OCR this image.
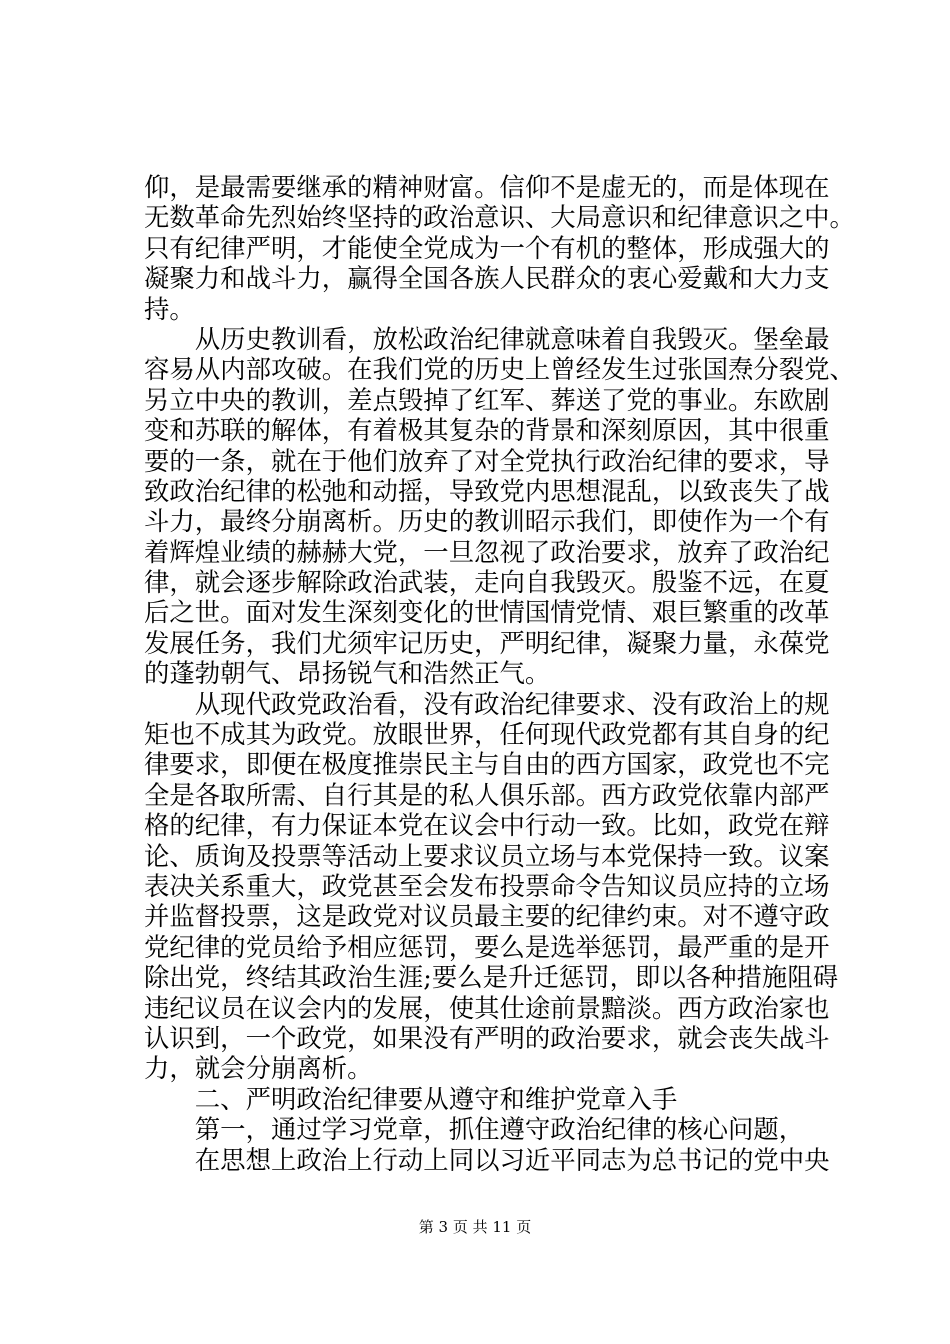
仰，是最需要继承的精神财富。信仰不是虚无的，而是体现在
无数革命先烈始终坚持的政治意识、大局意识和纪律意识之中。
只有纪律严明，才能使全党成为一个有机的整体，形成强大的
凝聚力和战斗力，赢得全国各族人民群众的衷心爱戴和大力支
持。
　　从历史教训看，放松政治纪律就意味着自我毁灭。堡垒最
容易从内部攻破。在我们党的历史上曾经发生过张国焘分裂党、
另立中央的教训，差点毁掉了红军、葬送了党的事业。东欧剧
变和苏联的解体，有着极其复杂的背景和深刻原因，其中很重
要的一条，就在于他们放弃了对全党执行政治纪律的要求，导
致政治纪律的松弛和动摇，导致党内思想混乱，以致丧失了战
斗力，最终分崩离析。历史的教训昭示我们，即使作为一个有
着辉煌业绩的赫赫大党，一旦忽视了政治要求，放弃了政治纪
律，就会逐步解除政治武装，走向自我毁灭。殷鉴不远，在夏
后之世。面对发生深刻变化的世情国情党情、艰巨繁重的改革
发展任务，我们尤须牢记历史，严明纪律，凝聚力量，永葆党
的蓬勃朝气、昂扬锐气和浩然正气。
　　从现代政党政治看，没有政治纪律要求、没有政治上的规
矩也不成其为政党。放眼世界，任何现代政党都有其自身的纪
律要求，即便在极度推崇民主与自由的西方国家，政党也不完
全是各取所需、自行其是的私人俱乐部。西方政党依靠内部严
格的纪律，有力保证本党在议会中行动一致。比如，政党在辩
论、质询及投票等活动上要求议员立场与本党保持一致。议案
表决关系重大，政党甚至会发布投票命令告知议员应持的立场
并监督投票，这是政党对议员最主要的纪律约束。对不遵守政
党纪律的党员给予相应惩罚，要么是选举惩罚，最严重的是开
除出党，终结其政治生涯;要么是升迁惩罚，即以各种措施阻碍
违纪议员在议会内的发展，使其仕途前景黯淡。西方政治家也
认识到，一个政党，如果没有严明的政治要求，就会丧失战斗
力，就会分崩离析。
　　二、严明政治纪律要从遵守和维护党章入手
　　第一，通过学习党章，抓住遵守政治纪律的核心问题，
　　在思想上政治上行动上同以习近平同志为总书记的党中央
第 3 页 共 11 页
